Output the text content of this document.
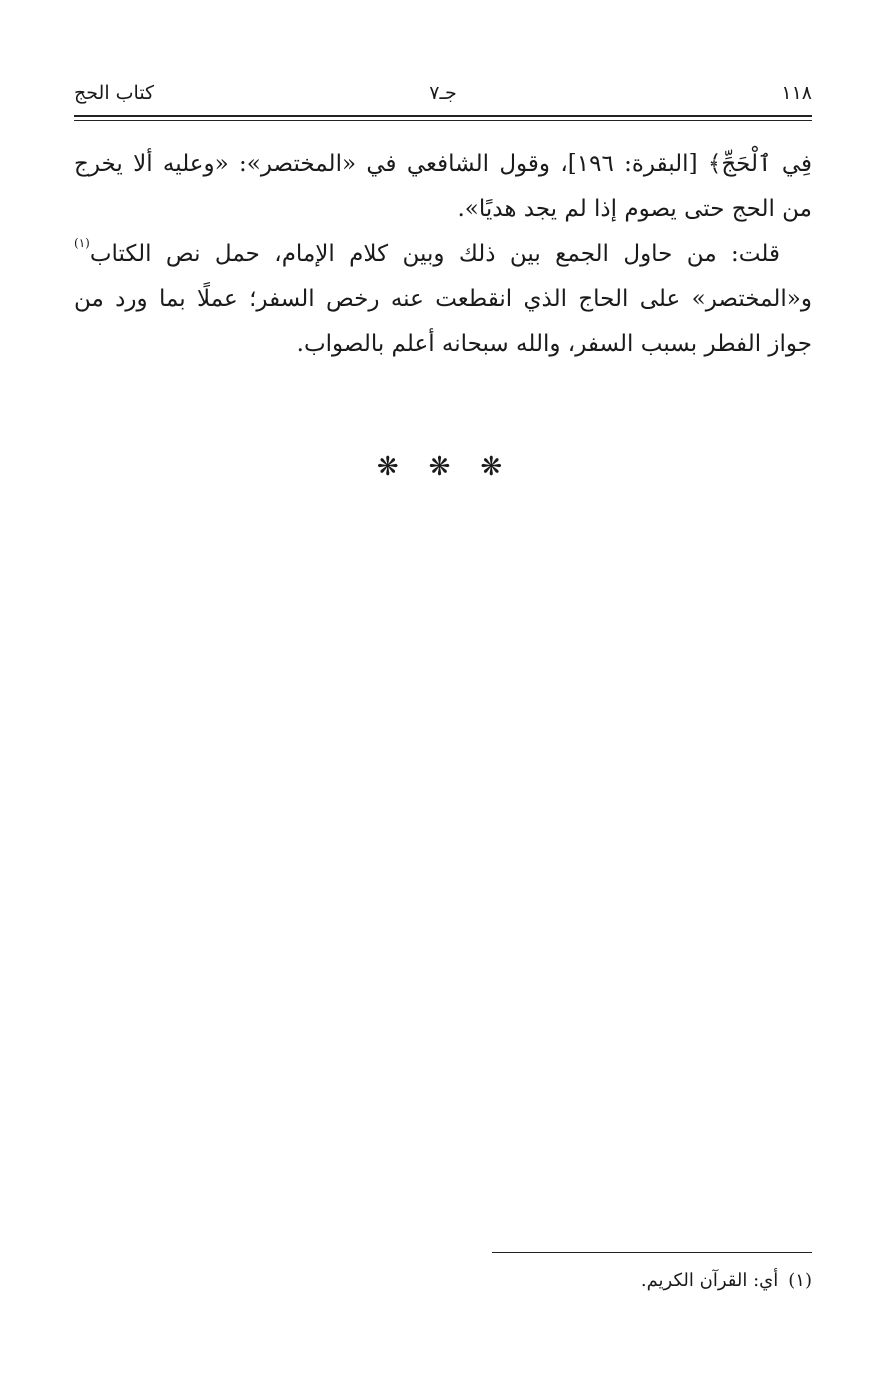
١١٨
جـ٧
كتاب الحج

فِي ٱلْحَجِّ﴾ [البقرة: ١٩٦]، وقول الشافعي في «المختصر»: «وعليه ألا يخرج من الحج حتى يصوم إذا لم يجد هديًا».

قلت: من حاول الجمع بين ذلك وبين كلام الإمام، حمل نص الكتاب$^{(١)}$ و«المختصر» على الحاج الذي انقطعت عنه رخص السفر؛ عملًا بما ورد من جواز الفطر بسبب السفر، والله سبحانه أعلم بالصواب.

❋❋❋
(١)أي: القرآن الكريم.
